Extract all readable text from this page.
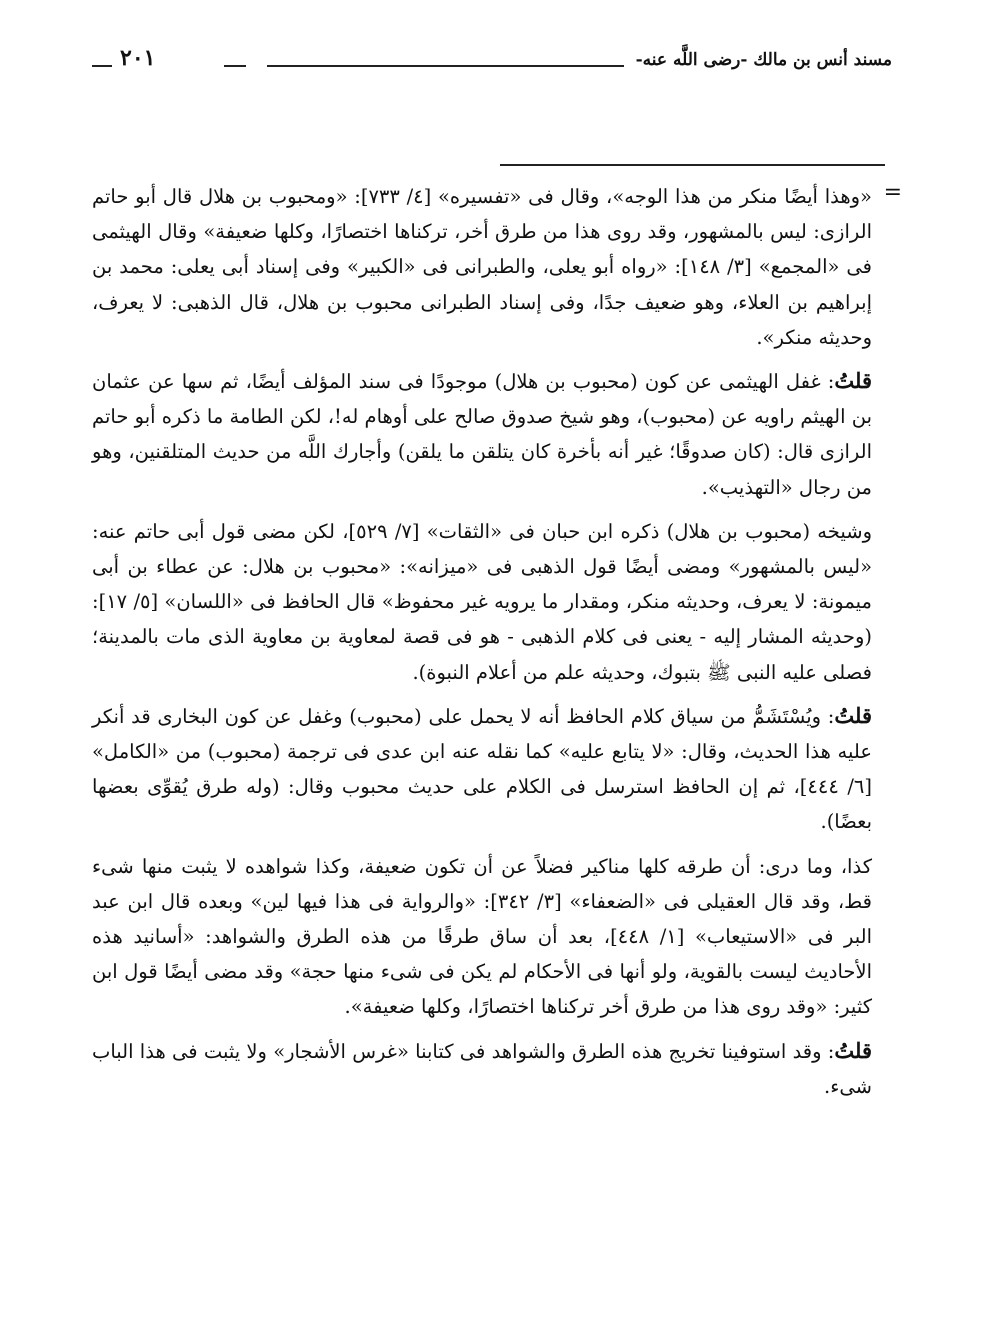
مسند أنس بن مالك -رضى اللَّه عنه-
٢٠١
=

«وهذا أيضًا منكر من هذا الوجه»، وقال فى «تفسيره» [٤/ ٧٣٣]: «ومحبوب بن هلال قال أبو حاتم الرازى: ليس بالمشهور، وقد روى هذا من طرق أخر، تركناها اختصارًا، وكلها ضعيفة» وقال الهيثمى فى «المجمع» [٣/ ١٤٨]: «رواه أبو يعلى، والطبرانى فى «الكبير» وفى إسناد أبى يعلى: محمد بن إبراهيم بن العلاء، وهو ضعيف جدًا، وفى إسناد الطبرانى محبوب بن هلال، قال الذهبى: لا يعرف، وحديثه منكر».

قلتُ: غفل الهيثمى عن كون (محبوب بن هلال) موجودًا فى سند المؤلف أيضًا، ثم سها عن عثمان بن الهيثم راويه عن (محبوب)، وهو شيخ صدوق صالح على أوهام له!، لكن الطامة ما ذكره أبو حاتم الرازى قال: (كان صدوقًا؛ غير أنه بأخرة كان يتلقن ما يلقن) وأجارك اللَّه من حديث المتلقنين، وهو من رجال «التهذيب».

وشيخه (محبوب بن هلال) ذكره ابن حبان فى «الثقات» [٧/ ٥٢٩]، لكن مضى قول أبى حاتم عنه: «ليس بالمشهور» ومضى أيضًا قول الذهبى فى «ميزانه»: «محبوب بن هلال: عن عطاء بن أبى ميمونة: لا يعرف، وحديثه منكر، ومقدار ما يرويه غير محفوظ» قال الحافظ فى «اللسان» [٥/ ١٧]: (وحديثه المشار إليه - يعنى فى كلام الذهبى - هو فى قصة لمعاوية بن معاوية الذى مات بالمدينة؛ فصلى عليه النبى ﷺ بتبوك، وحديثه علم من أعلام النبوة).

قلتُ: ويُسْتَشَمُّ من سياق كلام الحافظ أنه لا يحمل على (محبوب) وغفل عن كون البخارى قد أنكر عليه هذا الحديث، وقال: «لا يتابع عليه» كما نقله عنه ابن عدى فى ترجمة (محبوب) من «الكامل» [٦/ ٤٤٤]، ثم إن الحافظ استرسل فى الكلام على حديث محبوب وقال: (وله طرق يُقوِّى بعضها بعضًا).

كذا، وما درى: أن طرقه كلها مناكير فضلاً عن أن تكون ضعيفة، وكذا شواهده لا يثبت منها شىء قط، وقد قال العقيلى فى «الضعفاء» [٣/ ٣٤٢]: «والرواية فى هذا فيها لين» وبعده قال ابن عبد البر فى «الاستيعاب» [١/ ٤٤٨]، بعد أن ساق طرقًا من هذه الطرق والشواهد: «أسانيد هذه الأحاديث ليست بالقوية، ولو أنها فى الأحكام لم يكن فى شىء منها حجة» وقد مضى أيضًا قول ابن كثير: «وقد روى هذا من طرق أخر تركناها اختصارًا، وكلها ضعيفة».

قلتُ: وقد استوفينا تخريج هذه الطرق والشواهد فى كتابنا «غرس الأشجار» ولا يثبت فى هذا الباب شىء.
